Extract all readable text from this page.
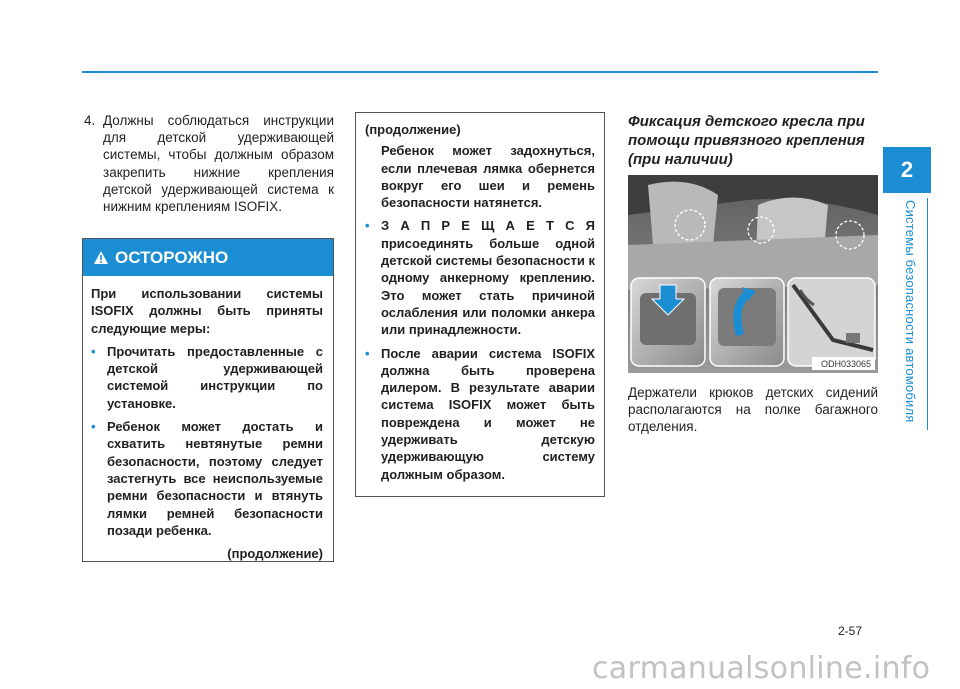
2
Системы безопасности автомобиля
4. Должны соблюдаться инструкции для детской удерживающей системы, чтобы должным образом закрепить нижние крепления детской удерживающей система к нижним креплениям ISOFIX.
ОСТОРОЖНО

При использовании системы ISOFIX должны быть приняты следующие меры:

• Прочитать предоставленные с детской удерживающей системой инструкции по установке.
• Ребенок может достать и схватить невтянутые ремни безопасности, поэтому следует застегнуть все неиспользуемые ремни безопасности и втянуть лямки ремней безопасности позади ребенка.
(продолжение)
(продолжение)
Ребенок может задохнуться, если плечевая лямка обернется вокруг его шеи и ремень безопасности натянется.
• З А П Р Е Щ А Е Т С Я присоединять больше одной детской системы безопасности к одному анкерному креплению. Это может стать причиной ослабления или поломки анкера или принадлежности.
• После аварии система ISOFIX должна быть проверена дилером. В результате аварии система ISOFIX может быть повреждена и может не удерживать детскую удерживающую систему должным образом.
Фиксация детского кресла при помощи привязного крепления (при наличии)
ODH033065
Держатели крюков детских сидений располагаются на полке багажного отделения.
2-57
carmanualsonline.info
